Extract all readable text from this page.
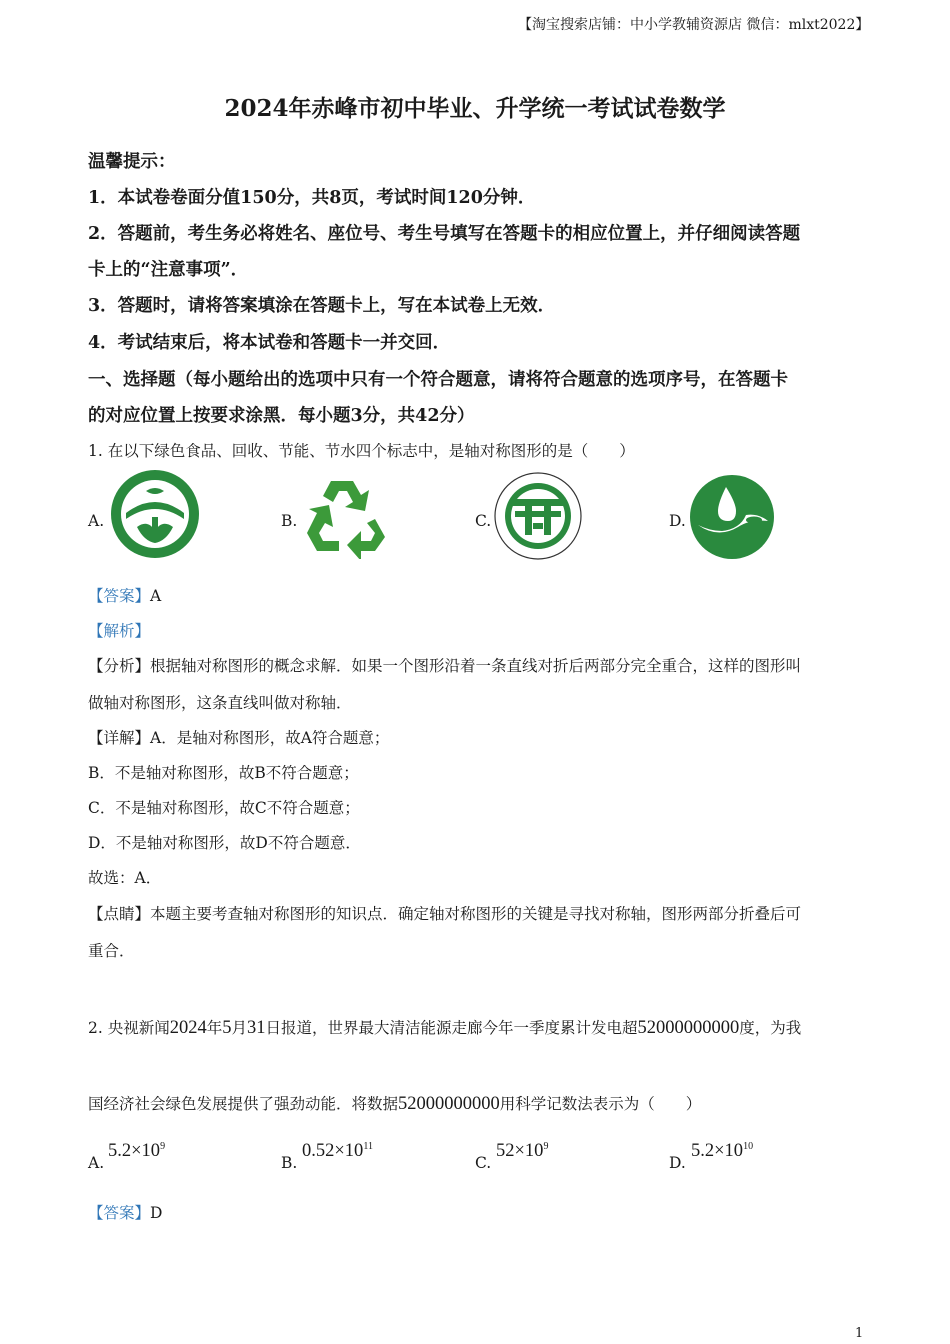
【淘宝搜索店铺：中小学教辅资源店 微信：mlxt2022】
2024年赤峰市初中毕业、升学统一考试试卷数学
温馨提示：
1．本试卷卷面分值150分，共8页，考试时间120分钟．
2．答题前，考生务必将姓名、座位号、考生号填写在答题卡的相应位置上，并仔细阅读答题
卡上的“注意事项”．
3．答题时，请将答案填涂在答题卡上，写在本试卷上无效．
4．考试结束后，将本试卷和答题卡一并交回．
一、选择题（每小题给出的选项中只有一个符合题意，请将符合题意的选项序号，在答题卡
的对应位置上按要求涂黑．每小题3分，共42分）
1. 在以下绿色食品、回收、节能、节水四个标志中，是轴对称图形的是（　　）
A.	B.	C.	D.
【答案】A
【解析】
【分析】根据轴对称图形的概念求解．如果一个图形沿着一条直线对折后两部分完全重合，这样的图形叫
做轴对称图形，这条直线叫做对称轴．
【详解】A．是轴对称图形，故A符合题意；
B．不是轴对称图形，故B不符合题意；
C．不是轴对称图形，故C不符合题意；
D．不是轴对称图形，故D不符合题意．
故选：A．
【点睛】本题主要考查轴对称图形的知识点．确定轴对称图形的关键是寻找对称轴，图形两部分折叠后可
重合．
2. 央视新闻2024年5月31日报道，世界最大清洁能源走廊今年一季度累计发电超52000000000度，为我
国经济社会绿色发展提供了强劲动能．将数据52000000000用科学记数法表示为（　　）
A.
$5.2\times 10^9$
B.
$0.52\times 10^{11}$
C.
$52\times 10^9$
D.
$5.2\times 10^{10}$
【答案】D
1
